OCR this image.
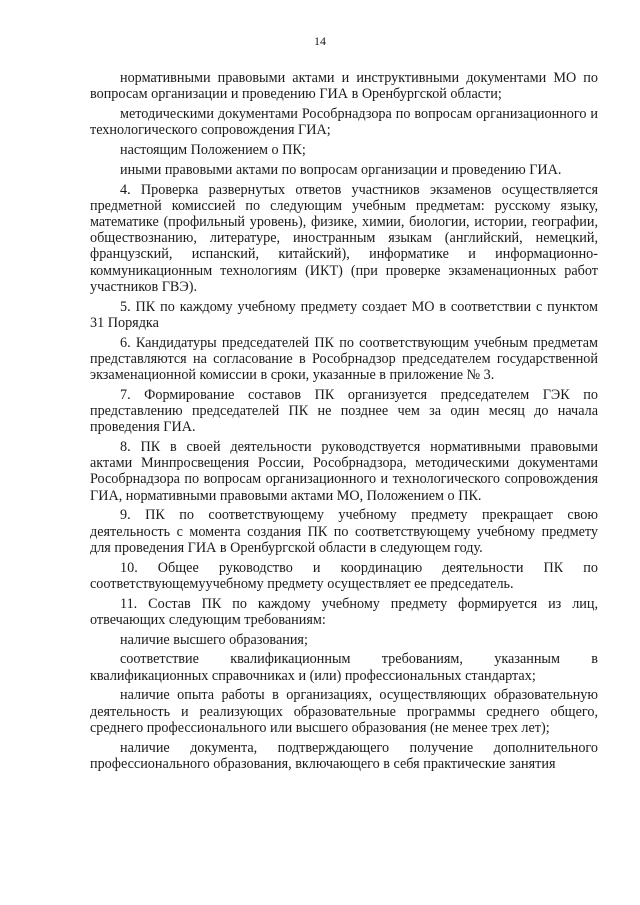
14

нормативными правовыми актами и инструктивными документами МО по вопросам организации и проведению ГИА в Оренбургской области;

методическими документами Рособрнадзора по вопросам организационного и технологического сопровождения ГИА;

настоящим Положением о ПК;

иными правовыми актами по вопросам организации и проведению ГИА.

4. Проверка развернутых ответов участников экзаменов осуществляется предметной комиссией по следующим учебным предметам: русскому языку, математике (профильный уровень), физике, химии, биологии, истории, географии, обществознанию, литературе, иностранным языкам (английский, немецкий, французский, испанский, китайский), информатике и информационно-коммуникационным технологиям (ИКТ) (при проверке экзаменационных работ участников ГВЭ).

5. ПК по каждому учебному предмету создает МО в соответствии с пунктом 31 Порядка

6. Кандидатуры председателей ПК по соответствующим учебным предметам представляются на согласование в Рособрнадзор председателем государственной экзаменационной комиссии в сроки, указанные в приложение № 3.

7. Формирование составов ПК организуется председателем ГЭК по представлению председателей ПК не позднее чем за один месяц до начала проведения ГИА.

8. ПК в своей деятельности руководствуется нормативными правовыми актами Минпросвещения России, Рособрнадзора, методическими документами Рособрнадзора по вопросам организационного и технологического сопровождения ГИА, нормативными правовыми актами МО, Положением о ПК.

9. ПК по соответствующему учебному предмету прекращает свою деятельность с момента создания ПК по соответствующему учебному предмету для проведения ГИА в Оренбургской области в следующем году.

10. Общее руководство и координацию деятельности ПК по соответствующемуучебному предмету осуществляет ее председатель.

11. Состав ПК по каждому учебному предмету формируется из лиц, отвечающих следующим требованиям:

наличие высшего образования;

соответствие квалификационным требованиям, указанным в квалификационных справочниках и (или) профессиональных стандартах;

наличие опыта работы в организациях, осуществляющих образовательную деятельность и реализующих образовательные программы среднего общего, среднего профессионального или высшего образования (не менее трех лет);

наличие документа, подтверждающего получение дополнительного профессионального образования, включающего в себя практические занятия
